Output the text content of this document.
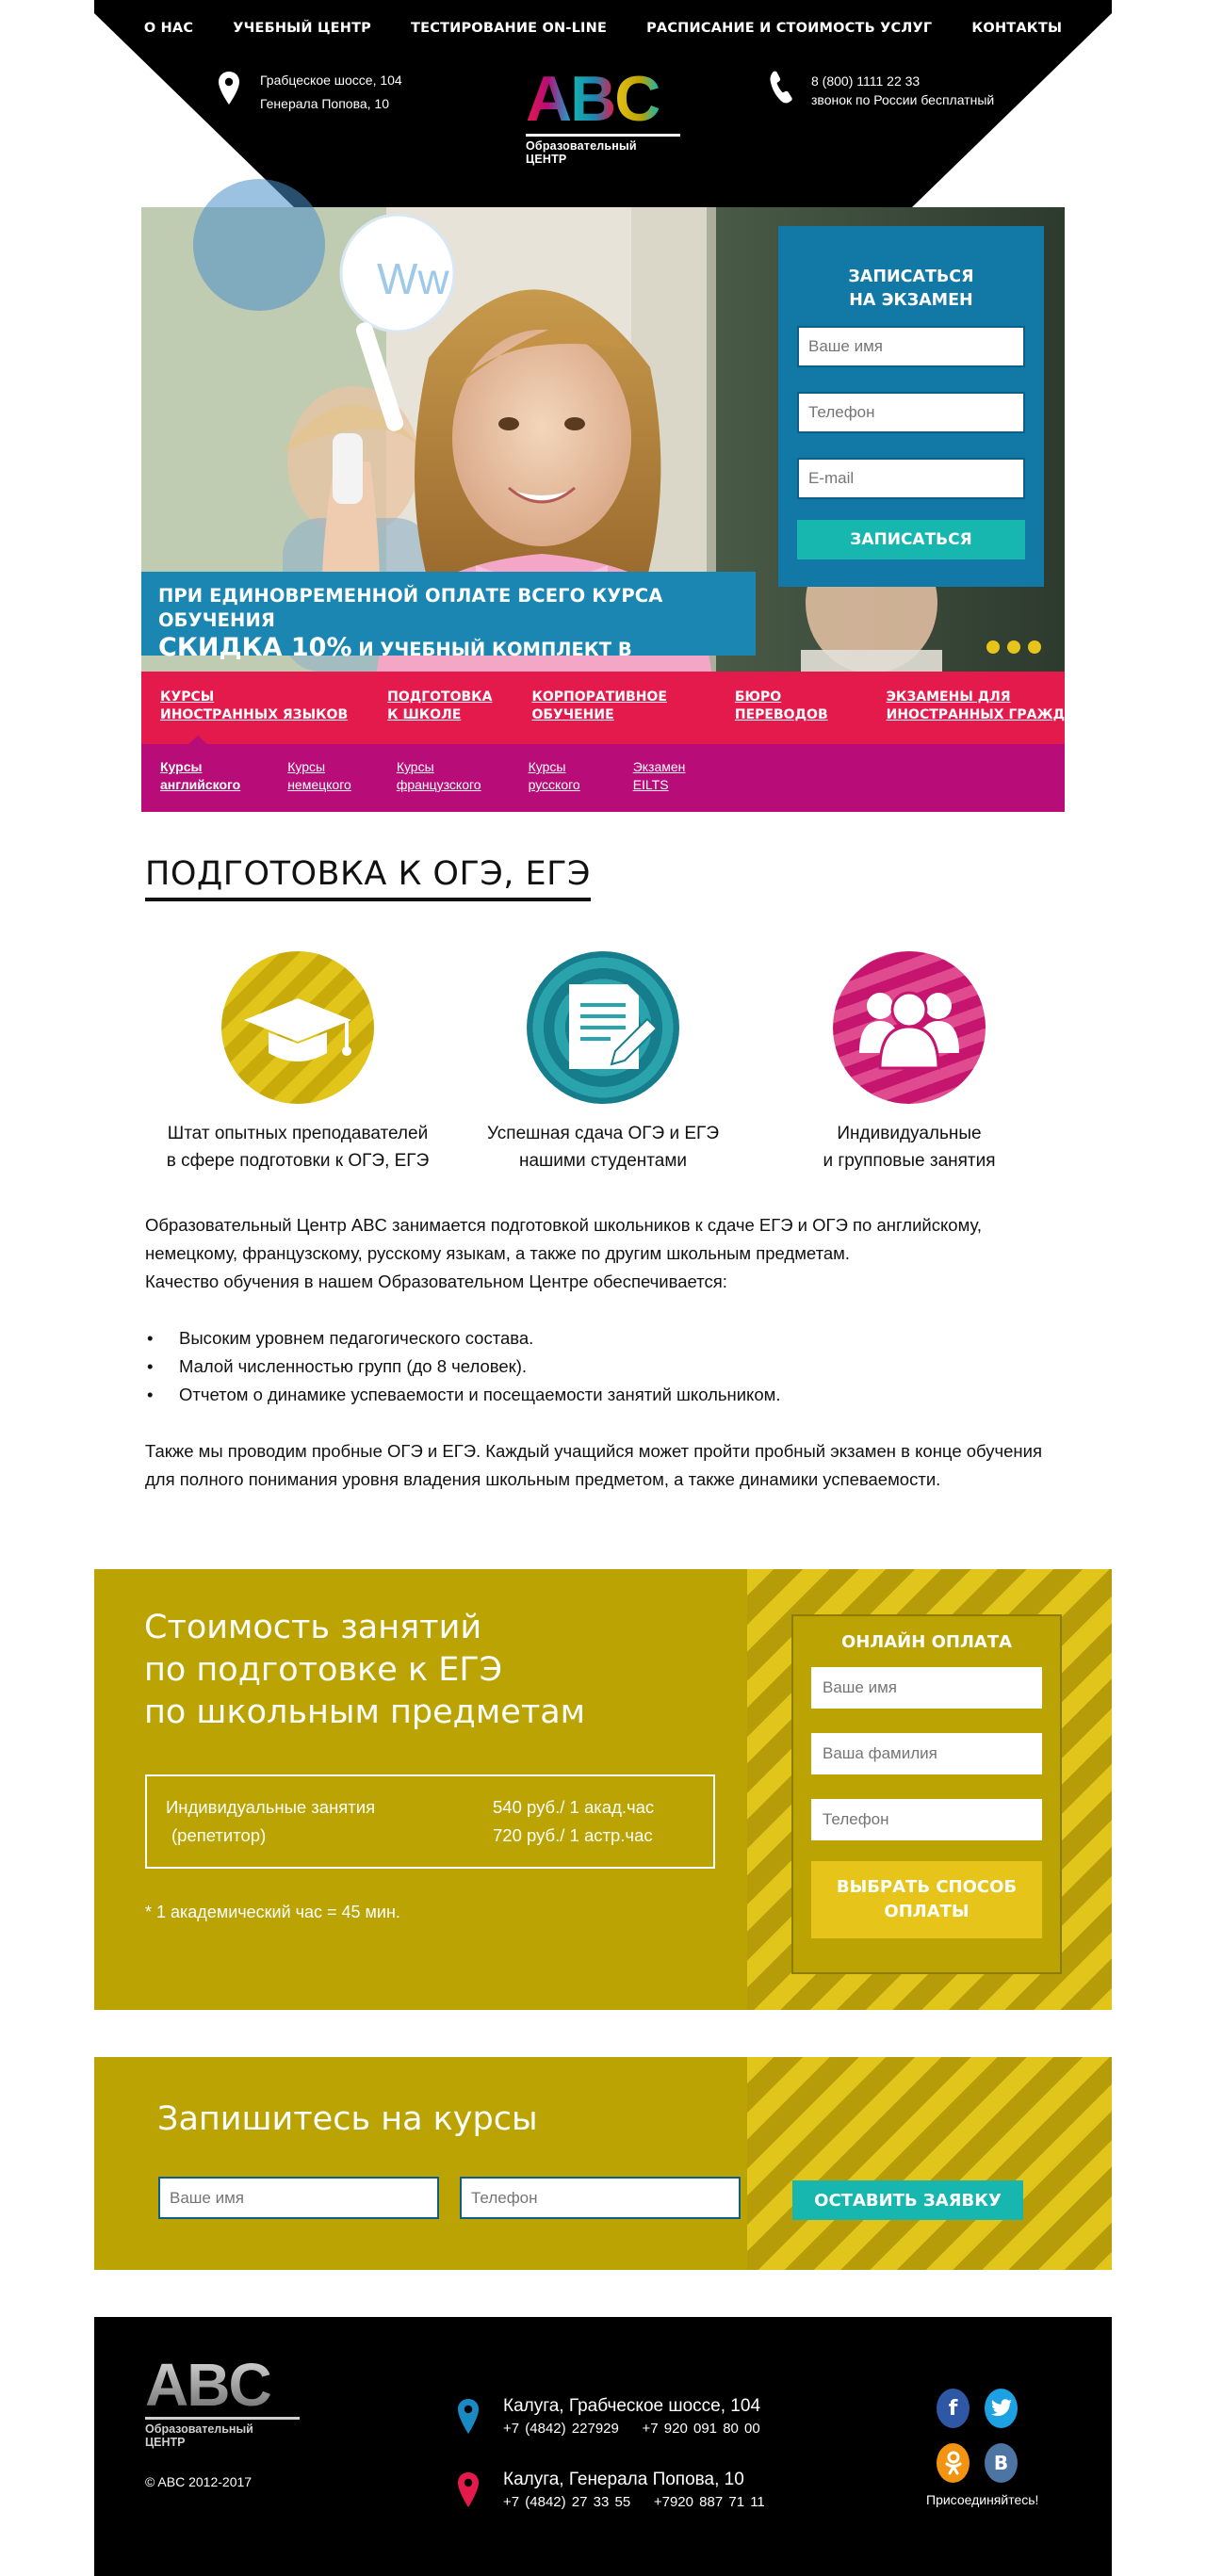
О НАС	УЧЕБНЫЙ ЦЕНТР	ТЕСТИРОВАНИЕ ON-LINE	РАСПИСАНИЕ И СТОИМОСТЬ УСЛУГ	КОНТАКТЫ
Грабцеское шоссе, 104
Генерала Попова, 10 ABC
Образовательный
ЦЕНТР
8 (800) 1111 22 33
звонок по России бесплатный
Ww	ЗАПИСАТЬСЯ
НА ЭКЗАМЕН
Ваше имя
Телефон
E-mail
ЗАПИСАТЬСЯ
ПРИ ЕДИНОВРЕМЕННОЙ ОПЛАТЕ ВСЕГО КУРСА ОБУЧЕНИЯ
СКИДКА 10% И УЧЕБНЫЙ КОМПЛЕКТ В
КУРСЫ
ИНОСТРАННЫХ ЯЗЫКОВ
ПОДГОТОВКА
К ШКОЛЕ
КОРПОРАТИВНОЕ
ОБУЧЕНИЕ
БЮРО
ПЕРЕВОДОВ
ЭКЗАМЕНЫ ДЛЯ
ИНОСТРАННЫХ ГРАЖДАН
Курсы
английского
Курсы
немецкого
Курсы
французского
Курсы
русского
Экзамен
EILTS
ПОДГОТОВКА К ОГЭ, ЕГЭ

Штат опытных преподавателей
в сфере подготовки к ОГЭ, ЕГЭ

Успешная сдача ОГЭ и ЕГЭ
нашими студентами

Индивидуальные
и групповые занятия

Образовательный Центр ABC занимается подготовкой школьников к сдаче ЕГЭ и ОГЭ по английскому, немецкому, французскому, русскому языкам, а также по другим школьным предметам.

Качество обучения в нашем Образовательном Центре обеспечивается:

• Высоким уровнем педагогического состава.
• Малой численностью групп (до 8 человек).
• Отчетом о динамике успеваемости и посещаемости занятий школьником.

Также мы проводим пробные ОГЭ и ЕГЭ. Каждый учащийся может пройти пробный экзамен в конце обучения для полного понимания уровня владения школьным предметом, а также динамики успеваемости.

Стоимость занятий
по подготовке к ЕГЭ
по школьным предметам
Индивидуальные занятия
(репетитор)
540 руб./ 1 акад.час
720 руб./ 1 астр.час
* 1 академический час = 45 мин.
ОНЛАЙН ОПЛАТА
Ваше имя
Ваша фамилия
Телефон
ВЫБРАТЬ СПОСОБ
ОПЛАТЫ
Запишитесь на курсы
Ваше имя
Телефон
ОСТАВИТЬ ЗАЯВКУ
ABC
Образовательный
ЦЕНТР
© ABC 2012-2017
Калуга, Грабческое шоссе, 104
+7 (4842) 227929 +7 920 091 80 00
Калуга, Генерала Попова, 10
+7 (4842) 27 33 55 +7920 887 71 11
f
В
Присоединяйтесь!
